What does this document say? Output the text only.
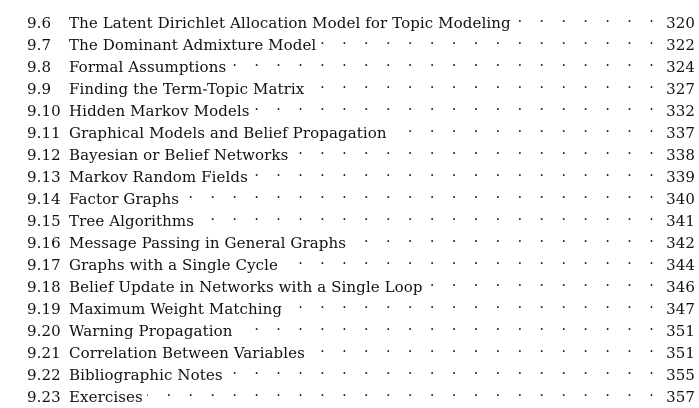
9.6	The Latent Dirichlet Allocation Model for Topic Modeling . . .	320
9.7	The Dominant Admixture Model . . .	322
9.8	Formal Assumptions . . .	324
9.9	Finding the Term-Topic Matrix . . .	327
9.10 Hidden Markov Models . . .	332
9.11 Graphical Models and Belief Propagation . . .	337
9.12 Bayesian or Belief Networks . . .	338
9.13 Markov Random Fields . . .	339
9.14 Factor Graphs . . .	340
9.15 Tree Algorithms . . .	341
9.16 Message Passing in General Graphs . . .	342
9.17 Graphs with a Single Cycle . . .	344
9.18 Belief Update in Networks with a Single Loop . . .	346
9.19 Maximum Weight Matching . . .	347
9.20 Warning Propagation . . .	351
9.21 Correlation Between Variables . . .	351
9.22 Bibliographic Notes . . .	355
9.23 Exercises . . .	357
